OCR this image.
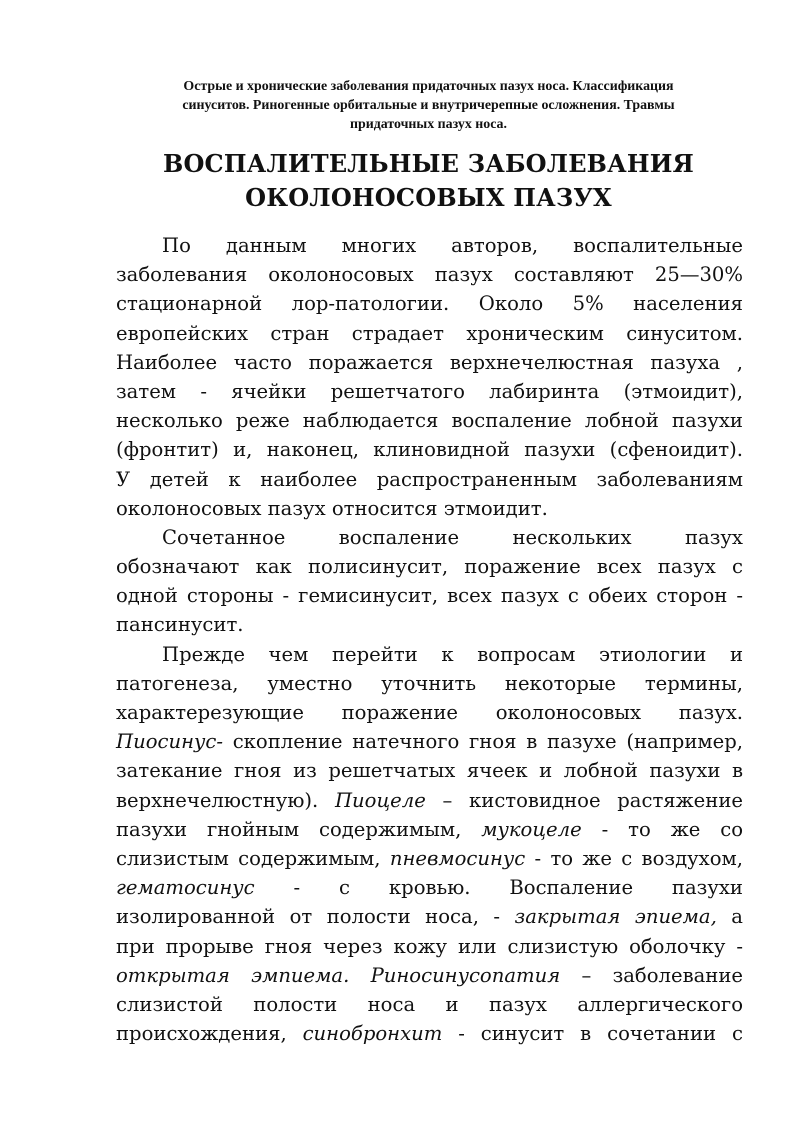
Острые и хронические заболевания придаточных пазух носа. Классификация
синуситов. Риногенные орбитальные и внутричерепные осложнения. Травмы
придаточных пазух носа.
ВОСПАЛИТЕЛЬНЫЕ ЗАБОЛЕВАНИЯ
ОКОЛОНОСОВЫХ ПАЗУХ
По данным многих авторов, воспалительные
заболевания околоносовых пазух составляют 25—30%
стационарной лор-патологии. Около 5% населения
европейских стран страдает хроническим синуситом.
Наиболее часто поражается верхнечелюстная пазуха ,
затем - ячейки решетчатого лабиринта (этмоидит),
несколько реже наблюдается воспаление лобной пазухи
(фронтит) и, наконец, клиновидной пазухи (сфеноидит).
У детей к наиболее распространенным заболеваниям
околоносовых пазух относится этмоидит.
Сочетанное воспаление нескольких пазух
обозначают как полисинусит, поражение всех пазух с
одной стороны - гемисинусит, всех пазух с обеих сторон -
пансинусит.
Прежде чем перейти к вопросам этиологии и
патогенеза, уместно уточнить некоторые термины,
характерезующие поражение околоносовых пазух.
Пиосинус- скопление натечного гноя в пазухе (например,
затекание гноя из решетчатых ячеек и лобной пазухи в
верхнечелюстную). Пиоцеле – кистовидное растяжение
пазухи гнойным содержимым, мукоцеле - то же со
слизистым содержимым, пневмосинус - то же с воздухом,
гематосинус - с кровью. Воспаление пазухи
изолированной от полости носа, - закрытая эпиема, а
при прорыве гноя через кожу или слизистую оболочку -
открытая эмпиема. Риносинусопатия – заболевание
слизистой полости носа и пазух аллергического
происхождения, синобронхит - синусит в сочетании с
